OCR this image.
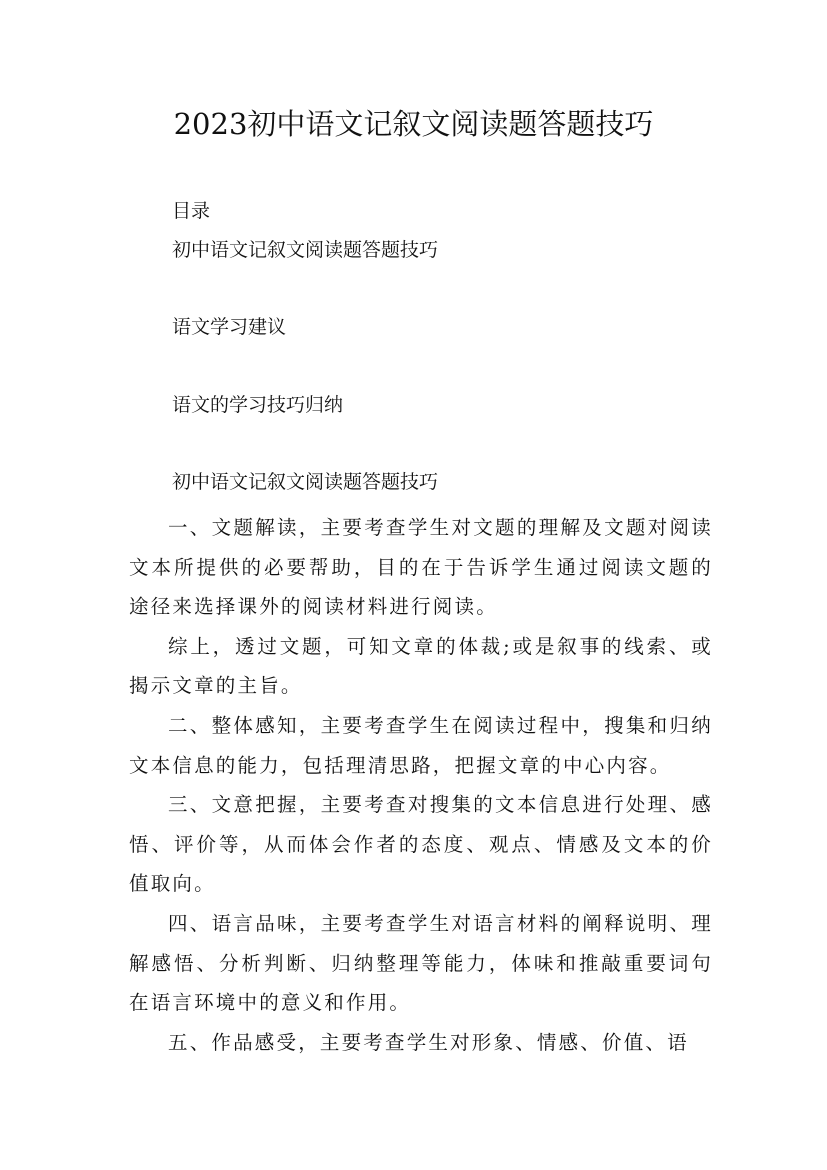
2023初中语文记叙文阅读题答题技巧
目录
初中语文记叙文阅读题答题技巧
语文学习建议
语文的学习技巧归纳
初中语文记叙文阅读题答题技巧

一、文题解读，主要考查学生对文题的理解及文题对阅读文本所提供的必要帮助，目的在于告诉学生通过阅读文题的途径来选择课外的阅读材料进行阅读。

综上，透过文题，可知文章的体裁;或是叙事的线索、或揭示文章的主旨。

二、整体感知，主要考查学生在阅读过程中，搜集和归纳文本信息的能力，包括理清思路，把握文章的中心内容。

三、文意把握，主要考查对搜集的文本信息进行处理、感悟、评价等，从而体会作者的态度、观点、情感及文本的价值取向。

四、语言品味，主要考查学生对语言材料的阐释说明、理解感悟、分析判断、归纳整理等能力，体味和推敲重要词句在语言环境中的意义和作用。

五、作品感受，主要考查学生对形象、情感、价值、语
